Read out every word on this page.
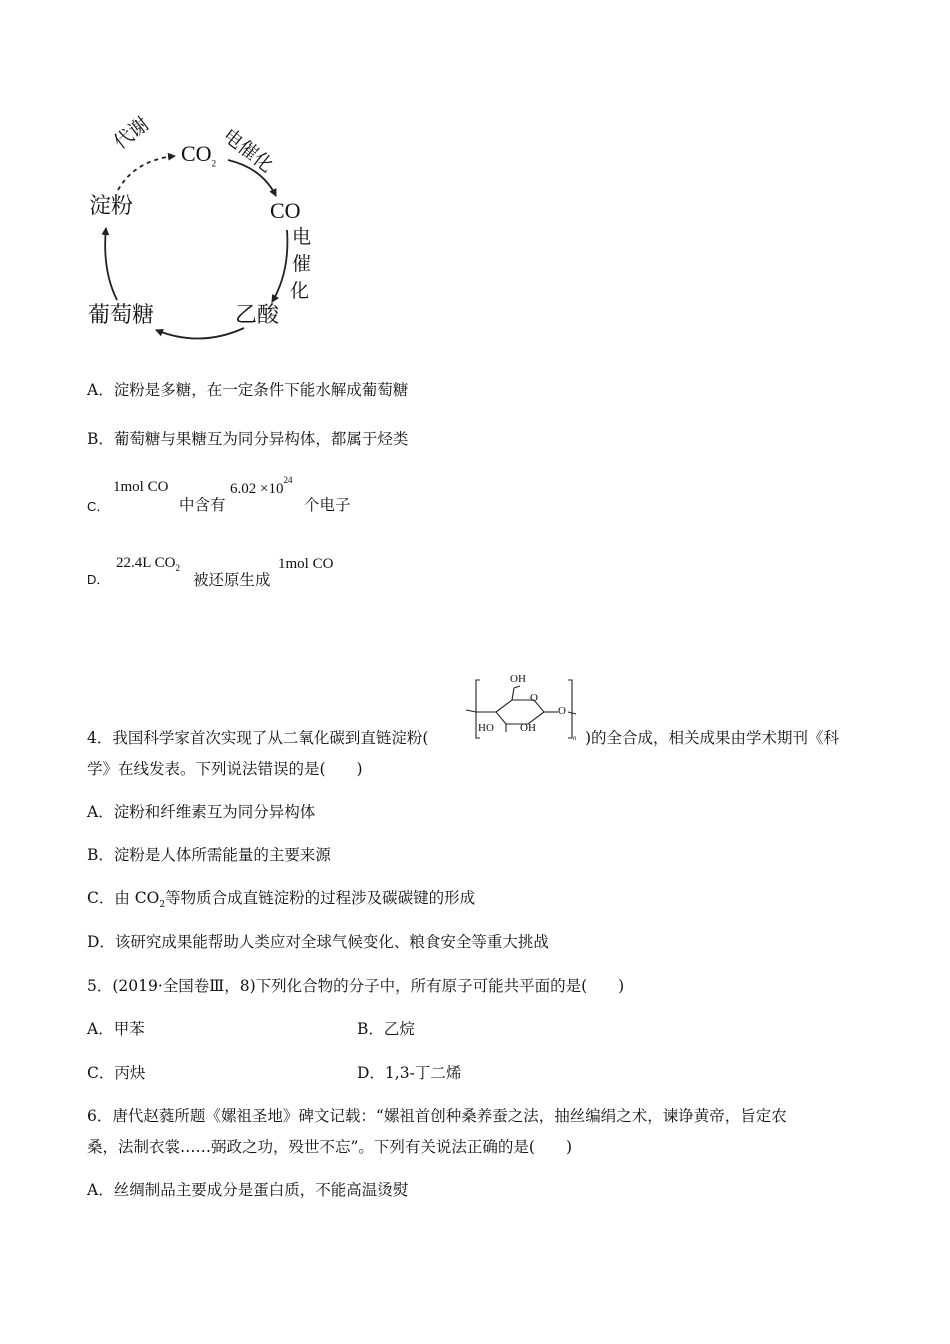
$CO_2$
CO
淀粉
葡萄糖	乙酸
代谢	电催化
电
催
化
A．淀粉是多糖，在一定条件下能水解成葡萄糖
B．葡萄糖与果糖互为同分异构体，都属于烃类
C．
1mol CO
中含有
$6.02 \times 10^{24}$
个电子
D．
22.4L $CO_2$
被还原生成
1mol CO
4．我国科学家首次实现了从二氧化碳到直链淀粉(
OH
O
O
HO OH
n )的全合成，相关成果由学术期刊《科
学》在线发表。下列说法错误的是(　　)
A．淀粉和纤维素互为同分异构体
B．淀粉是人体所需能量的主要来源
C．由 $CO_2$等物质合成直链淀粉的过程涉及碳碳键的形成
D．该研究成果能帮助人类应对全球气候变化、粮食安全等重大挑战
5．(2019·全国卷Ⅲ，8)下列化合物的分子中，所有原子可能共平面的是(　　)
A．甲苯	B．乙烷
C．丙炔	D．1,3-丁二烯
6．唐代赵蕤所题《嫘祖圣地》碑文记载：“嫘祖首创种桑养蚕之法，抽丝编绢之术，谏诤黄帝，旨定农
桑，法制衣裳……弼政之功，殁世不忘”。下列有关说法正确的是(　　)
A．丝绸制品主要成分是蛋白质，不能高温烫熨
